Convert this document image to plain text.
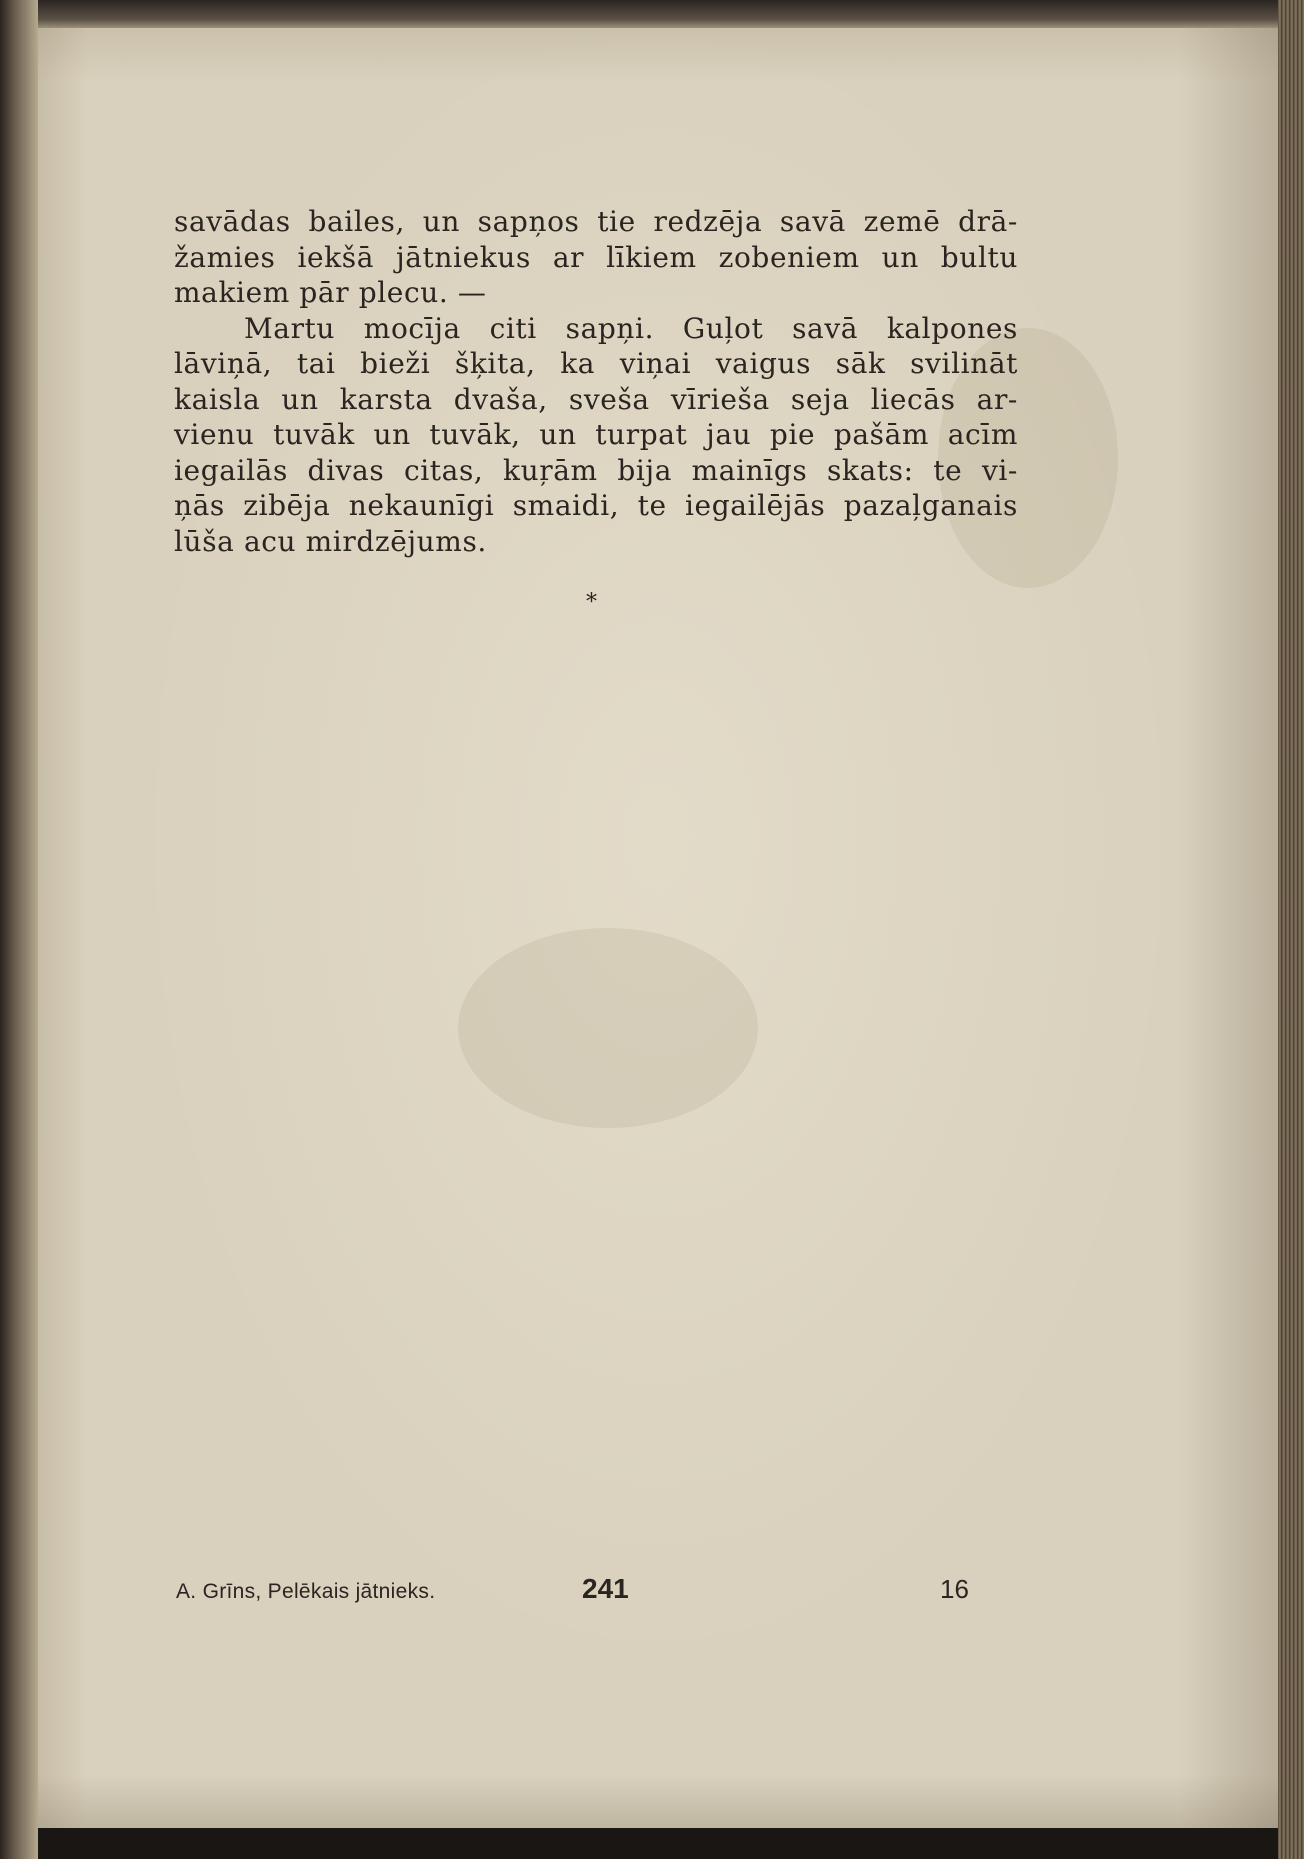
savādas bailes, un sapņos tie redzēja savā zemē drā-
žamies iekšā jātniekus ar līkiem zobeniem un bultu
makiem pār plecu. —
Martu mocīja citi sapņi. Guļot savā kalpones
lāviņā, tai bieži šķita, ka viņai vaigus sāk svilināt
kaisla un karsta dvaša, sveša vīrieša seja liecās ar-
vienu tuvāk un tuvāk, un turpat jau pie pašām acīm
iegailās divas citas, kuŗām bija mainīgs skats: te vi-
ņās zibēja nekaunīgi smaidi, te iegailējās pazaļganais
lūša acu mirdzējums.
*
A. Grīns, Pelēkais jātnieks.	241	16
